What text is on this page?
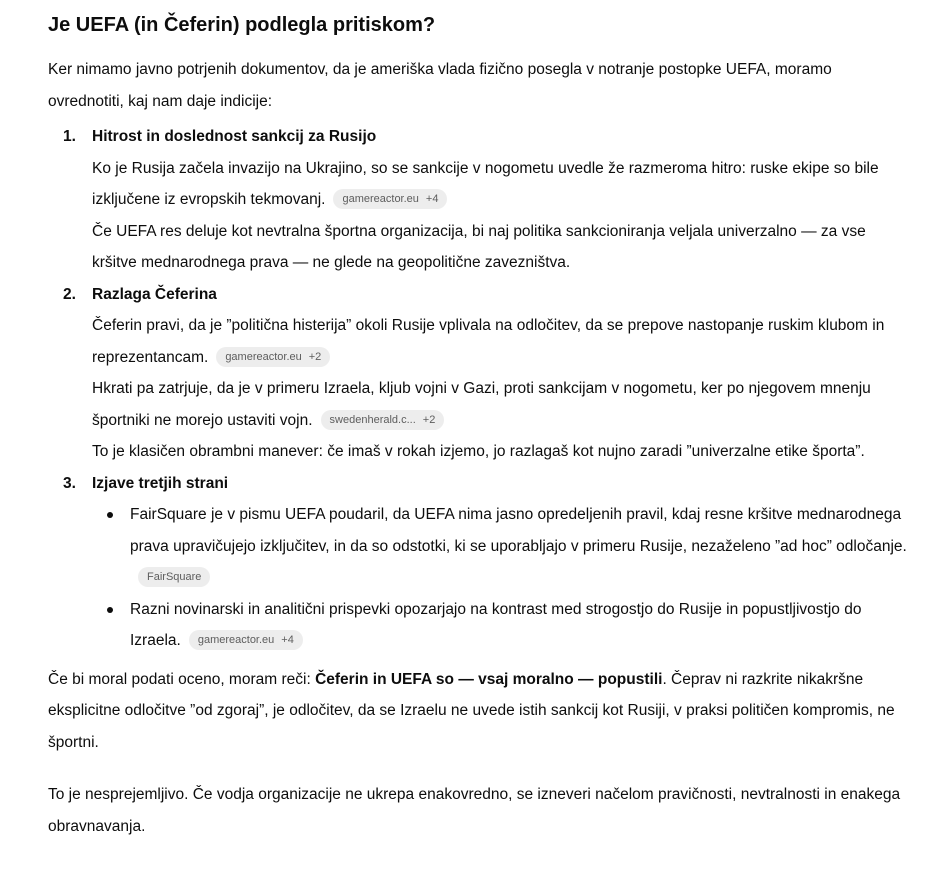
Je UEFA (in Čeferin) podlegla pritiskom?

Ker nimamo javno potrjenih dokumentov, da je ameriška vlada fizično posegla v notranje postopke UEFA, moramo ovrednotiti, kaj nam daje indicije:

1.	Hitrost in doslednost sankcij za Rusijo

Ko je Rusija začela invazijo na Ukrajino, so se sankcije v nogometu uvedle že razmeroma hitro: ruske ekipe so bile izključene iz evropskih tekmovanj. gamereactor.eu +4

Če UEFA res deluje kot nevtralna športna organizacija, bi naj politika sankcioniranja veljala univerzalno — za vse kršitve mednarodnega prava — ne glede na geopolitične zavezništva.

2.	Razlaga Čeferina

Čeferin pravi, da je ”politična histerija” okoli Rusije vplivala na odločitev, da se prepove nastopanje ruskim klubom in reprezentancam. gamereactor.eu +2

Hkrati pa zatrjuje, da je v primeru Izraela, kljub vojni v Gazi, proti sankcijam v nogometu, ker po njegovem mnenju športniki ne morejo ustaviti vojn. swedenherald.c... +2

To je klasičen obrambni manever: če imaš v rokah izjemo, jo razlagaš kot nujno zaradi ”univerzalne etike športa”.

3.	Izjave tretjih strani

FairSquare je v pismu UEFA poudaril, da UEFA nima jasno opredeljenih pravil, kdaj resne kršitve mednarodnega prava upravičujejo izključitev, in da so odstotki, ki se uporabljajo v primeru Rusije, nezaželeno ”ad hoc” odločanje.FairSquare
Razni novinarski in analitični prispevki opozarjajo na kontrast med strogostjo do Rusije in popustljivostjo do Izraela. gamereactor.eu +4

Če bi moral podati oceno, moram reči: Čeferin in UEFA so — vsaj moralno — popustili. Čeprav ni razkrite nikakršne eksplicitne odločitve ”od zgoraj”, je odločitev, da se Izraelu ne uvede istih sankcij kot Rusiji, v praksi političen kompromis, ne športni.

To je nesprejemljivo. Če vodja organizacije ne ukrepa enakovredno, se izneveri načelom pravičnosti, nevtralnosti in enakega obravnavanja.
